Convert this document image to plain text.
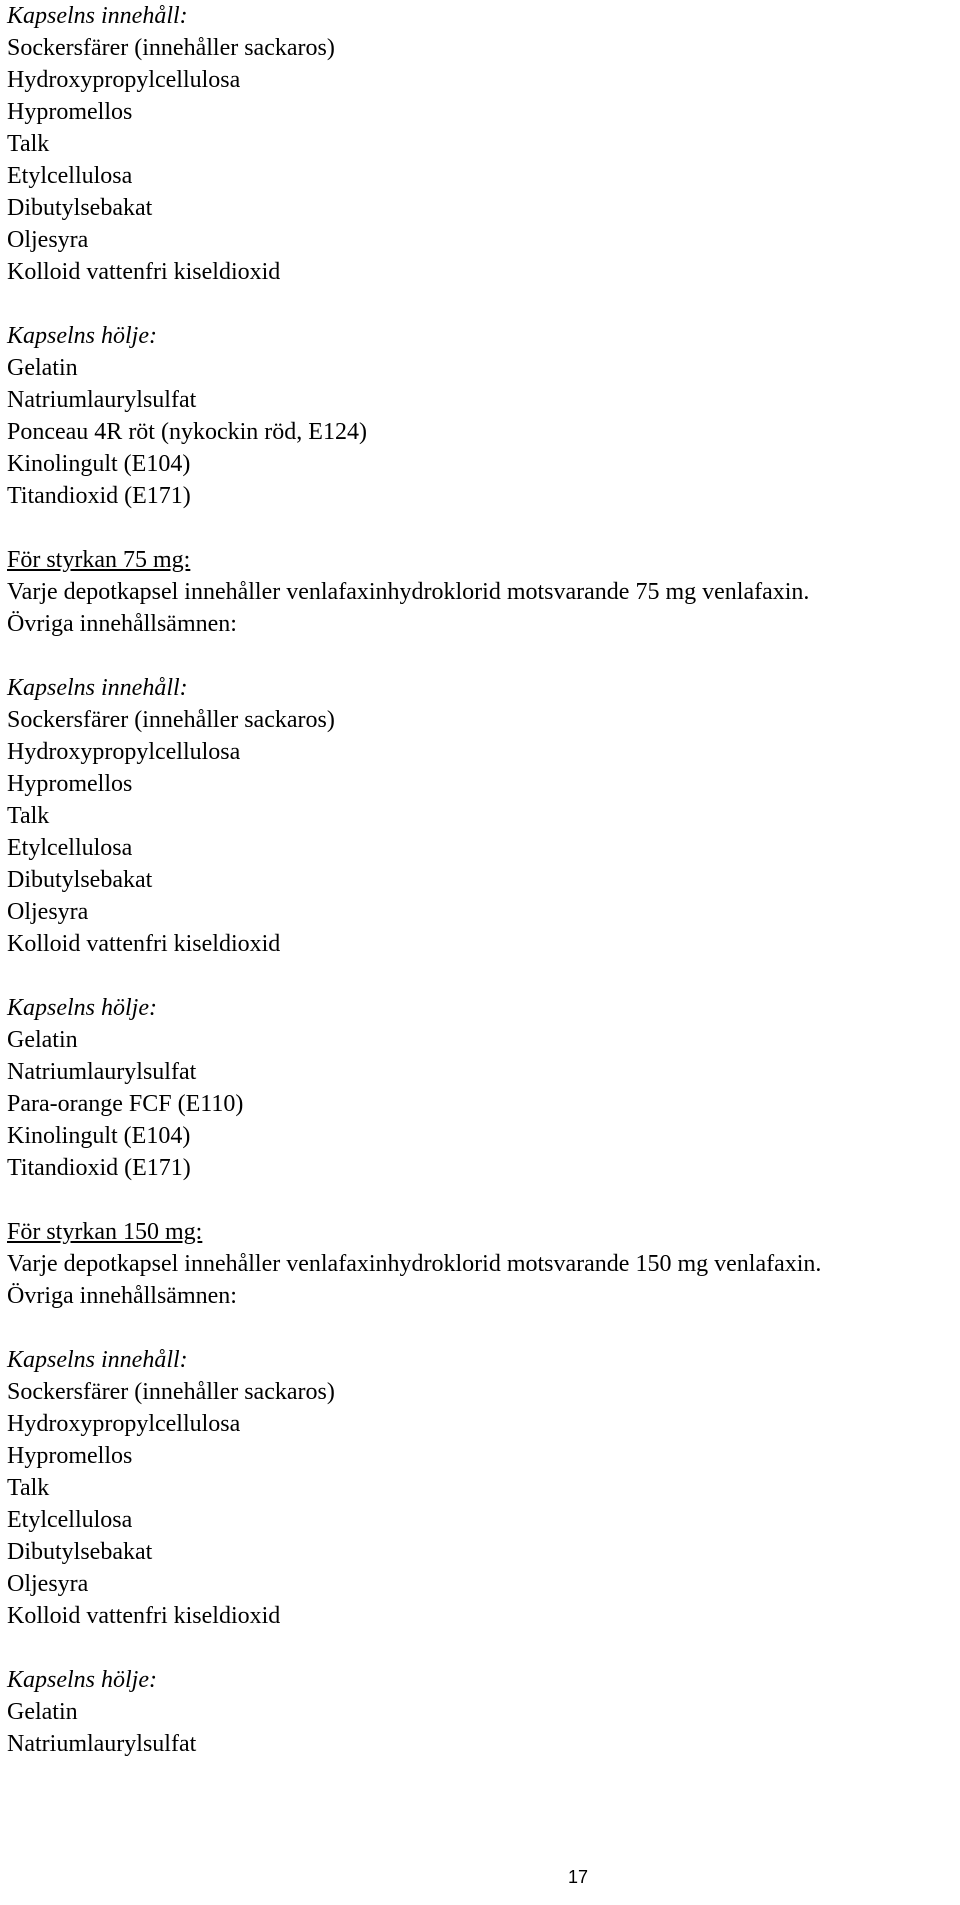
Kapselns innehåll:
Sockersfärer (innehåller sackaros)
Hydroxypropylcellulosa
Hypromellos
Talk
Etylcellulosa
Dibutylsebakat
Oljesyra
Kolloid vattenfri kiseldioxid
Kapselns hölje:
Gelatin
Natriumlaurylsulfat
Ponceau 4R röt (nykockin röd, E124)
Kinolingult (E104)
Titandioxid (E171)
För styrkan 75 mg:
Varje depotkapsel innehåller venlafaxinhydroklorid motsvarande 75 mg venlafaxin.
Övriga innehållsämnen:
Kapselns innehåll:
Sockersfärer (innehåller sackaros)
Hydroxypropylcellulosa
Hypromellos
Talk
Etylcellulosa
Dibutylsebakat
Oljesyra
Kolloid vattenfri kiseldioxid
Kapselns hölje:
Gelatin
Natriumlaurylsulfat
Para-orange FCF (E110)
Kinolingult (E104)
Titandioxid (E171)
För styrkan 150 mg:
Varje depotkapsel innehåller venlafaxinhydroklorid motsvarande 150 mg venlafaxin.
Övriga innehållsämnen:
Kapselns innehåll:
Sockersfärer (innehåller sackaros)
Hydroxypropylcellulosa
Hypromellos
Talk
Etylcellulosa
Dibutylsebakat
Oljesyra
Kolloid vattenfri kiseldioxid
Kapselns hölje:
Gelatin
Natriumlaurylsulfat
17
